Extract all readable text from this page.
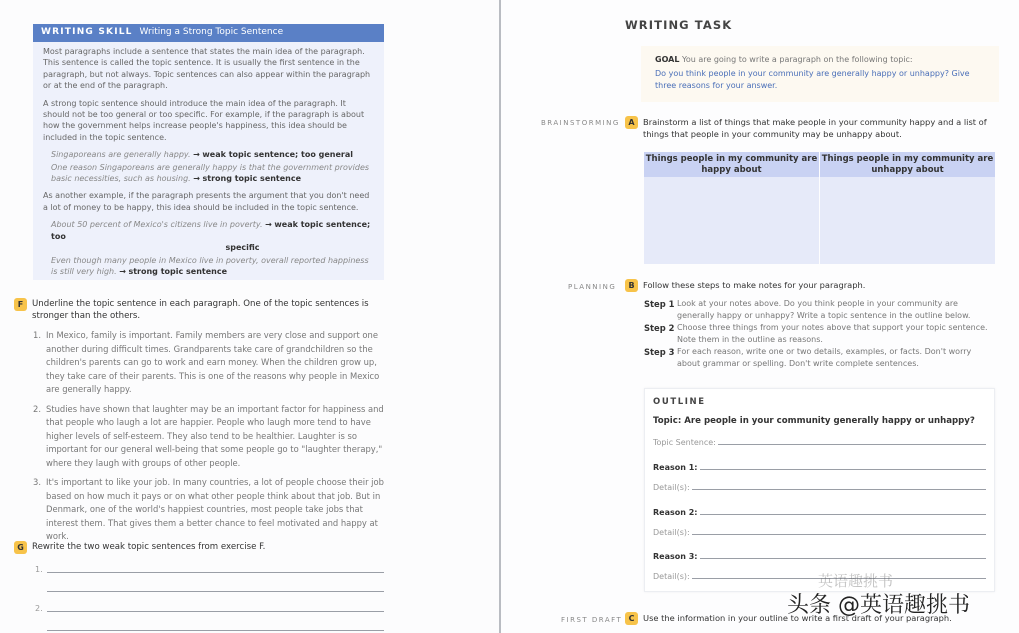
WRITING SKILL Writing a Strong Topic Sentence

Most paragraphs include a sentence that states the main idea of the paragraph. This sentence is called the topic sentence. It is usually the first sentence in the paragraph, but not always. Topic sentences can also appear within the paragraph or at the end of the paragraph.

A strong topic sentence should introduce the main idea of the paragraph. It should not be too general or too specific. For example, if the paragraph is about how the government helps increase people's happiness, this idea should be included in the topic sentence.

Singaporeans are generally happy. → weak topic sentence; too general
One reason Singaporeans are generally happy is that the government provides basic necessities, such as housing. → strong topic sentence

As another example, if the paragraph presents the argument that you don't need a lot of money to be happy, this idea should be included in the topic sentence.

About 50 percent of Mexico's citizens live in poverty. → weak topic sentence; too
specific
Even though many people in Mexico live in poverty, overall reported happiness is still very high. → strong topic sentence
F Underline the topic sentence in each paragraph. One of the topic sentences is stronger than the others.
1. In Mexico, family is important. Family members are very close and support one another during difficult times. Grandparents take care of grandchildren so the children's parents can go to work and earn money. When the children grow up, they take care of their parents. This is one of the reasons why people in Mexico are generally happy.
2. Studies have shown that laughter may be an important factor for happiness and that people who laugh a lot are happier. People who laugh more tend to have higher levels of self-esteem. They also tend to be healthier. Laughter is so important for our general well-being that some people go to "laughter therapy," where they laugh with groups of other people.
3. It's important to like your job. In many countries, a lot of people choose their job based on how much it pays or on what other people think about that job. But in Denmark, one of the world's happiest countries, most people take jobs that interest them. That gives them a better chance to feel motivated and happy at work.
G Rewrite the two weak topic sentences from exercise F.
1.
2.
WRITING TASK
GOAL You are going to write a paragraph on the following topic:
Do you think people in your community are generally happy or unhappy? Give three reasons for your answer.
BRAINSTORMING	A Brainstorm a list of things that make people in your community happy and a list of things that people in your community may be unhappy about.
Things people in my community are happy about
Things people in my community are unhappy about
PLANNING	B Follow these steps to make notes for your paragraph.
Step 1 Look at your notes above. Do you think people in your community are generally happy or unhappy? Write a topic sentence in the outline below.
Step 2 Choose three things from your notes above that support your topic sentence. Note them in the outline as reasons.
Step 3 For each reason, write one or two details, examples, or facts. Don't worry about grammar or spelling. Don't write complete sentences.
OUTLINE
Topic: Are people in your community generally happy or unhappy?
Topic Sentence:
Reason 1:
Detail(s):
Reason 2:
Detail(s):
Reason 3:
Detail(s):
FIRST DRAFT C Use the information in your outline to write a first draft of your paragraph.
英语趣挑书
头条 @英语趣挑书
